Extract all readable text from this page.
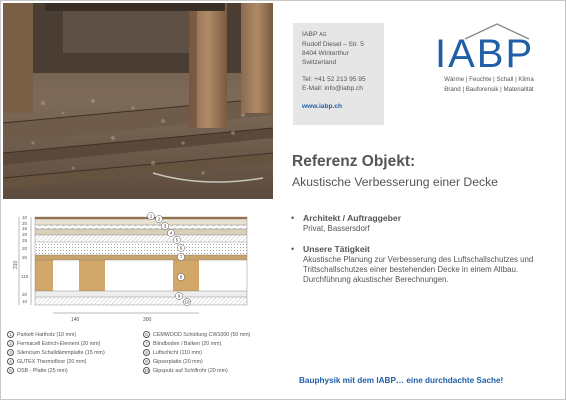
IABP AG
Rudolf Diesel – Str. 5
8404 Winterthur
Switzerland
Tel: +41 52 213 95 95
E-Mail: info@iabp.ch
www.iabp.ch
IABP
Wärme | Feuchte | Schall | Klima
Brand | Bauforensik | Materialität
Referenz Objekt:
Akustische Verbesserung einer Decke
• Architekt / Auftraggeber
Privat, Bassersdorf
• Unsere Tätigkeit
Akustische Planung zur Verbesserung des Luftschallschutzes und Trittschallschutzes einer bestehenden Decke in einem Altbau. Durchführung akustischer Berechnungen.
310
10
20
15
20
25
20
20
110
20
10
140	300
1
2
3
4
5
6
7
8
9
10
1 Parkett Hartholz (10 mm)
2 Fermacell Estrich-Element (20 mm)
3 Silencium Schalldämmplatte (15 mm)
4 GUTEX Thermofloor (20 mm)
5 OSB - Platte (25 mm)
6 CEMWOOD Schüttung CW1000 (50 mm)
7 Blindboden / Balken (20 mm)
8 Luftschicht (110 mm)
9 Gipserplatte (20 mm)
10 Gipsputz auf Schilfrohr (20 mm)
Bauphysik mit dem IABP… eine durchdachte Sache!
